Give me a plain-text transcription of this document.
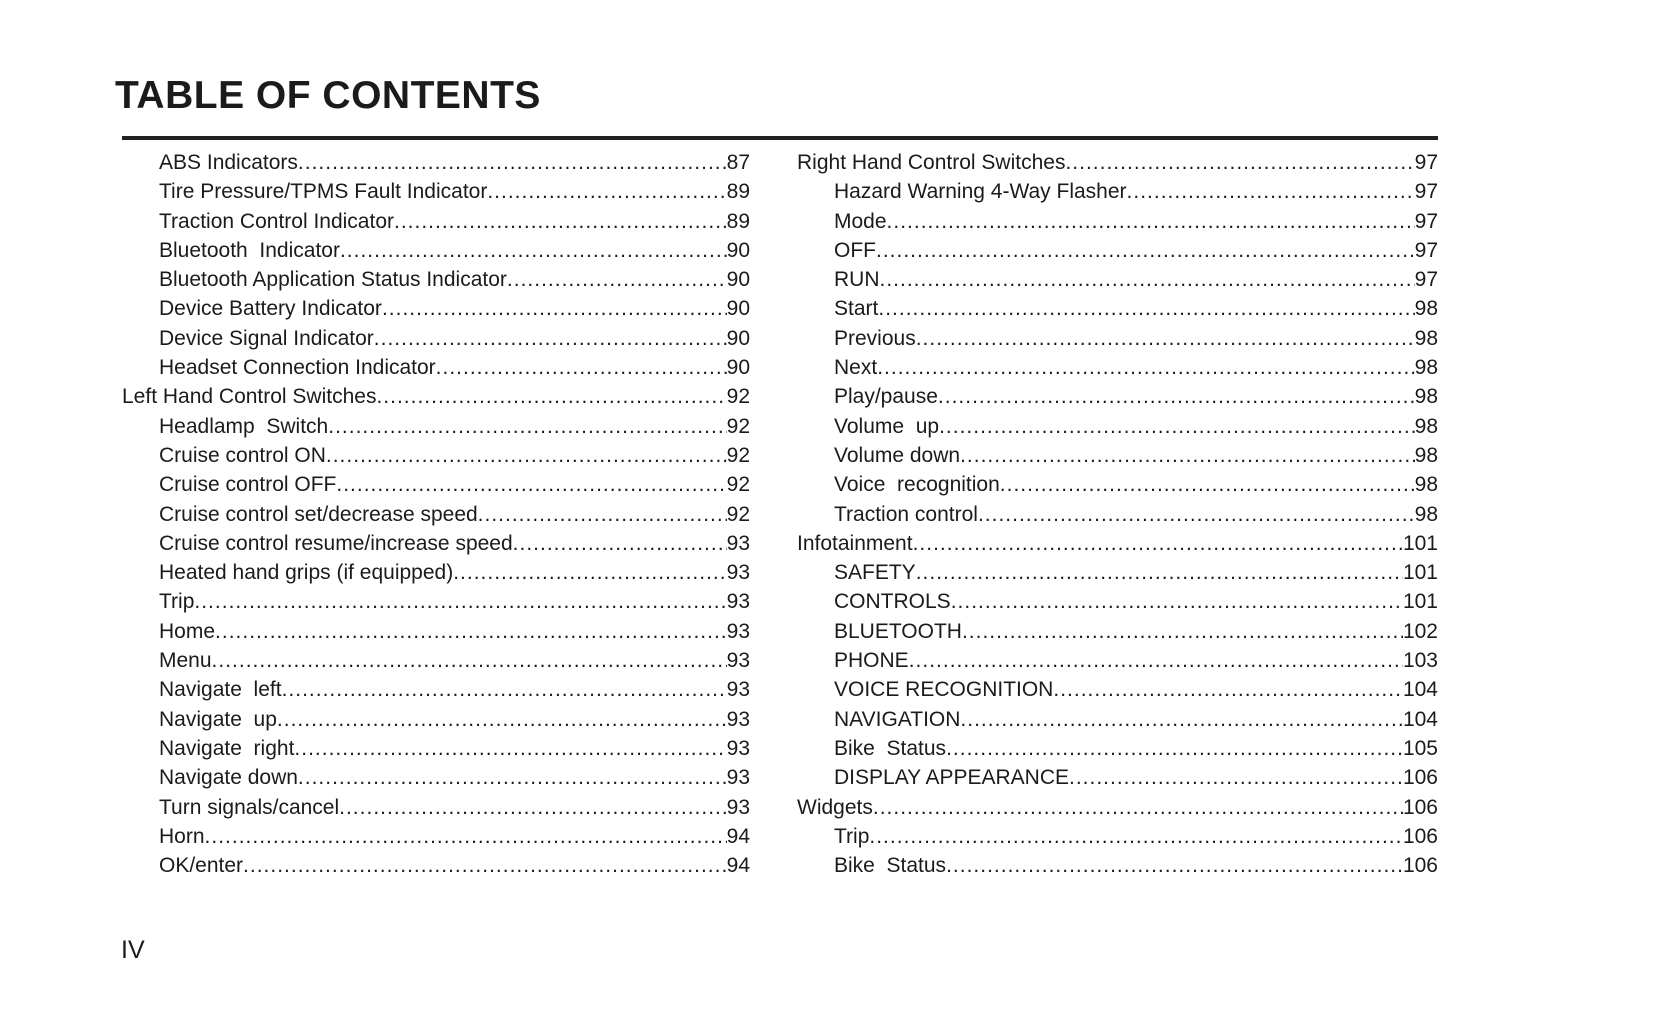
TABLE OF CONTENTS
ABS Indicators .....	87
Tire Pressure/TPMS Fault Indicator .....	89
Traction Control Indicator .....	89
Bluetooth  Indicator .....	90
Bluetooth Application Status Indicator .....	90
Device Battery Indicator .....	90
Device Signal Indicator .....	90
Headset Connection Indicator .....	90
Left Hand Control Switches .....	92
Headlamp  Switch .....	92
Cruise control ON .....	92
Cruise control OFF .....	92
Cruise control set/decrease speed .....	92
Cruise control resume/increase speed .....	93
Heated hand grips (if equipped) .....	93
Trip .....	93
Home .....	93
Menu .....	93
Navigate  left .....	93
Navigate  up .....	93
Navigate  right .....	93
Navigate down .....	93
Turn signals/cancel .....	93
Horn .....	94
OK/enter .....	94
Right Hand Control Switches .....	97
Hazard Warning 4-Way Flasher .....	97
Mode .....	97
OFF .....	97
RUN .....	97
Start .....	98
Previous .....	98
Next .....	98
Play/pause .....	98
Volume  up .....	98
Volume down .....	98
Voice  recognition .....	98
Traction control .....	98
Infotainment .....	101
SAFETY .....	101
CONTROLS .....	101
BLUETOOTH .....	102
PHONE .....	103
VOICE RECOGNITION .....	104
NAVIGATION .....	104
Bike  Status .....	105
DISPLAY APPEARANCE .....	106
Widgets .....	106
Trip .....	106
Bike  Status .....	106
IV
